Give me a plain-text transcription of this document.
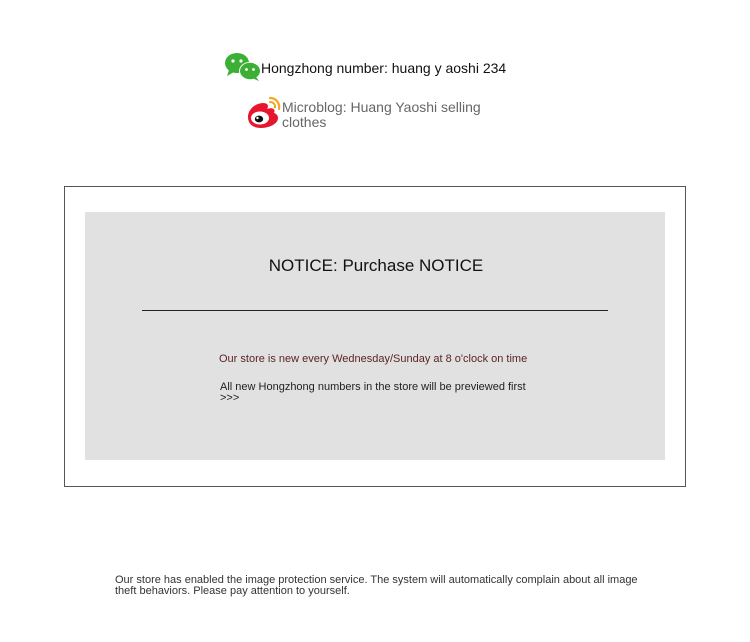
Hongzhong number: huang y aoshi 234
Microblog: Huang Yaoshi selling clothes
NOTICE: Purchase NOTICE
Our store is new every Wednesday/Sunday at 8 o'clock on time
All new Hongzhong numbers in the store will be previewed first >>>
Our store has enabled the image protection service. The system will automatically complain about all image theft behaviors. Please pay attention to yourself.
